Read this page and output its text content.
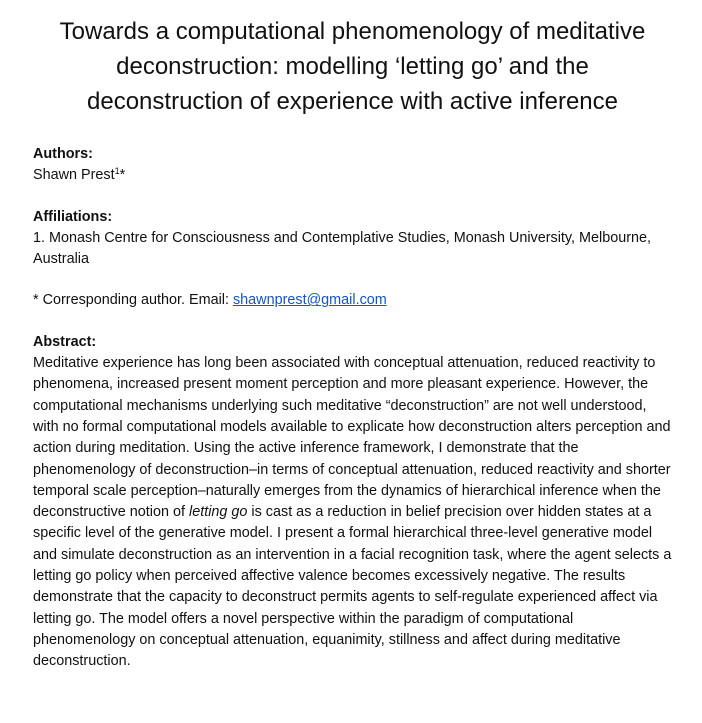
Towards a computational phenomenology of meditative deconstruction: modelling ‘letting go’ and the deconstruction of experience with active inference
Authors:
Shawn Prest$^1$*
Affiliations:
1. Monash Centre for Consciousness and Contemplative Studies, Monash University, Melbourne, Australia
* Corresponding author. Email: shawnprest@gmail.com
Abstract:
Meditative experience has long been associated with conceptual attenuation, reduced reactivity to phenomena, increased present moment perception and more pleasant experience. However, the computational mechanisms underlying such meditative “deconstruction” are not well understood, with no formal computational models available to explicate how deconstruction alters perception and action during meditation. Using the active inference framework, I demonstrate that the phenomenology of deconstruction–in terms of conceptual attenuation, reduced reactivity and shorter temporal scale perception–naturally emerges from the dynamics of hierarchical inference when the deconstructive notion of letting go is cast as a reduction in belief precision over hidden states at a specific level of the generative model. I present a formal hierarchical three-level generative model and simulate deconstruction as an intervention in a facial recognition task, where the agent selects a letting go policy when perceived affective valence becomes excessively negative. The results demonstrate that the capacity to deconstruct permits agents to self-regulate experienced affect via letting go. The model offers a novel perspective within the paradigm of computational phenomenology on conceptual attenuation, equanimity, stillness and affect during meditative deconstruction.
